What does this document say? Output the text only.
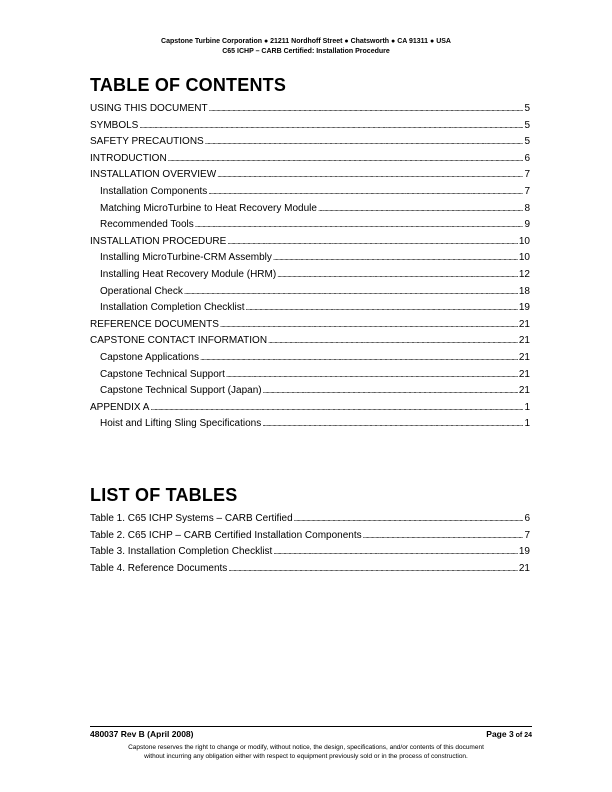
Capstone Turbine Corporation ● 21211 Nordhoff Street ● Chatsworth ● CA 91311 ● USA
C65 ICHP – CARB Certified: Installation Procedure
TABLE OF CONTENTS
USING THIS DOCUMENT . . .	5
SYMBOLS . . .	5
SAFETY PRECAUTIONS . . .	5
INTRODUCTION . . .	6
INSTALLATION OVERVIEW . . .	7
Installation Components . . .	7
Matching MicroTurbine to Heat Recovery Module . . .	8
Recommended Tools . . .	9
INSTALLATION PROCEDURE . . .	10
Installing MicroTurbine-CRM Assembly . . .	10
Installing Heat Recovery Module (HRM) . . .	12
Operational Check . . .	18
Installation Completion Checklist . . .	19
REFERENCE DOCUMENTS . . .	21
CAPSTONE CONTACT INFORMATION . . .	21
Capstone Applications . . .	21
Capstone Technical Support . . .	21
Capstone Technical Support (Japan) . . .	21
APPENDIX A . . .	1
Hoist and Lifting Sling Specifications . . .	1
LIST OF TABLES
Table 1. C65 ICHP Systems – CARB Certified . . .	6
Table 2. C65 ICHP – CARB Certified Installation Components . . .	7
Table 3. Installation Completion Checklist . . .	19
Table 4. Reference Documents . . .	21
480037 Rev B (April 2008)	Page 3 of 24
Capstone reserves the right to change or modify, without notice, the design, specifications, and/or contents of this document
without incurring any obligation either with respect to equipment previously sold or in the process of construction.
